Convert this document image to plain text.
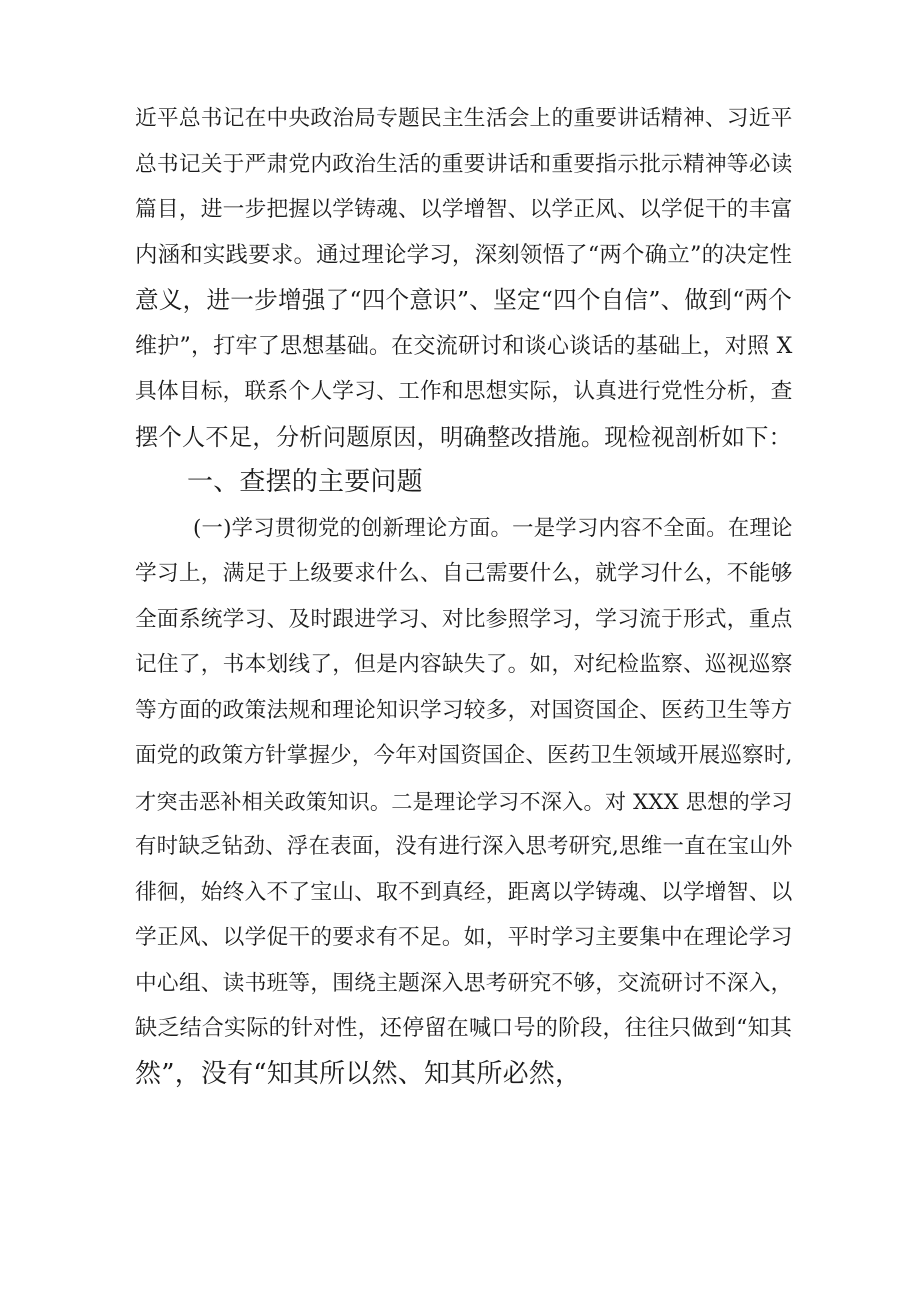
近平总书记在中央政治局专题民主生活会上的重要讲话精神、习近平
总书记关于严肃党内政治生活的重要讲话和重要指示批示精神等必读
篇目，进一步把握以学铸魂、以学增智、以学正风、以学促干的丰富
内涵和实践要求。通过理论学习，深刻领悟了“两个确立”的决定性
意义，进一步增强了“四个意识”、坚定“四个自信”、做到“两个
维护”，打牢了思想基础。在交流研讨和谈心谈话的基础上，对照 X
具体目标，联系个人学习、工作和思想实际，认真进行党性分析，查
摆个人不足，分析问题原因，明确整改措施。现检视剖析如下：
一、查摆的主要问题
(一)学习贯彻党的创新理论方面。一是学习内容不全面。在理论
学习上，满足于上级要求什么、自己需要什么，就学习什么，不能够
全面系统学习、及时跟进学习、对比参照学习，学习流于形式，重点
记住了，书本划线了，但是内容缺失了。如，对纪检监察、巡视巡察
等方面的政策法规和理论知识学习较多，对国资国企、医药卫生等方
面党的政策方针掌握少，今年对国资国企、医药卫生领域开展巡察时,
才突击恶补相关政策知识。二是理论学习不深入。对 XXX 思想的学习
有时缺乏钻劲、浮在表面，没有进行深入思考研究,思维一直在宝山外
徘徊，始终入不了宝山、取不到真经，距离以学铸魂、以学增智、以
学正风、以学促干的要求有不足。如，平时学习主要集中在理论学习
中心组、读书班等，围绕主题深入思考研究不够，交流研讨不深入，
缺乏结合实际的针对性，还停留在喊口号的阶段，往往只做到“知其
然”，没有“知其所以然、知其所必然，
